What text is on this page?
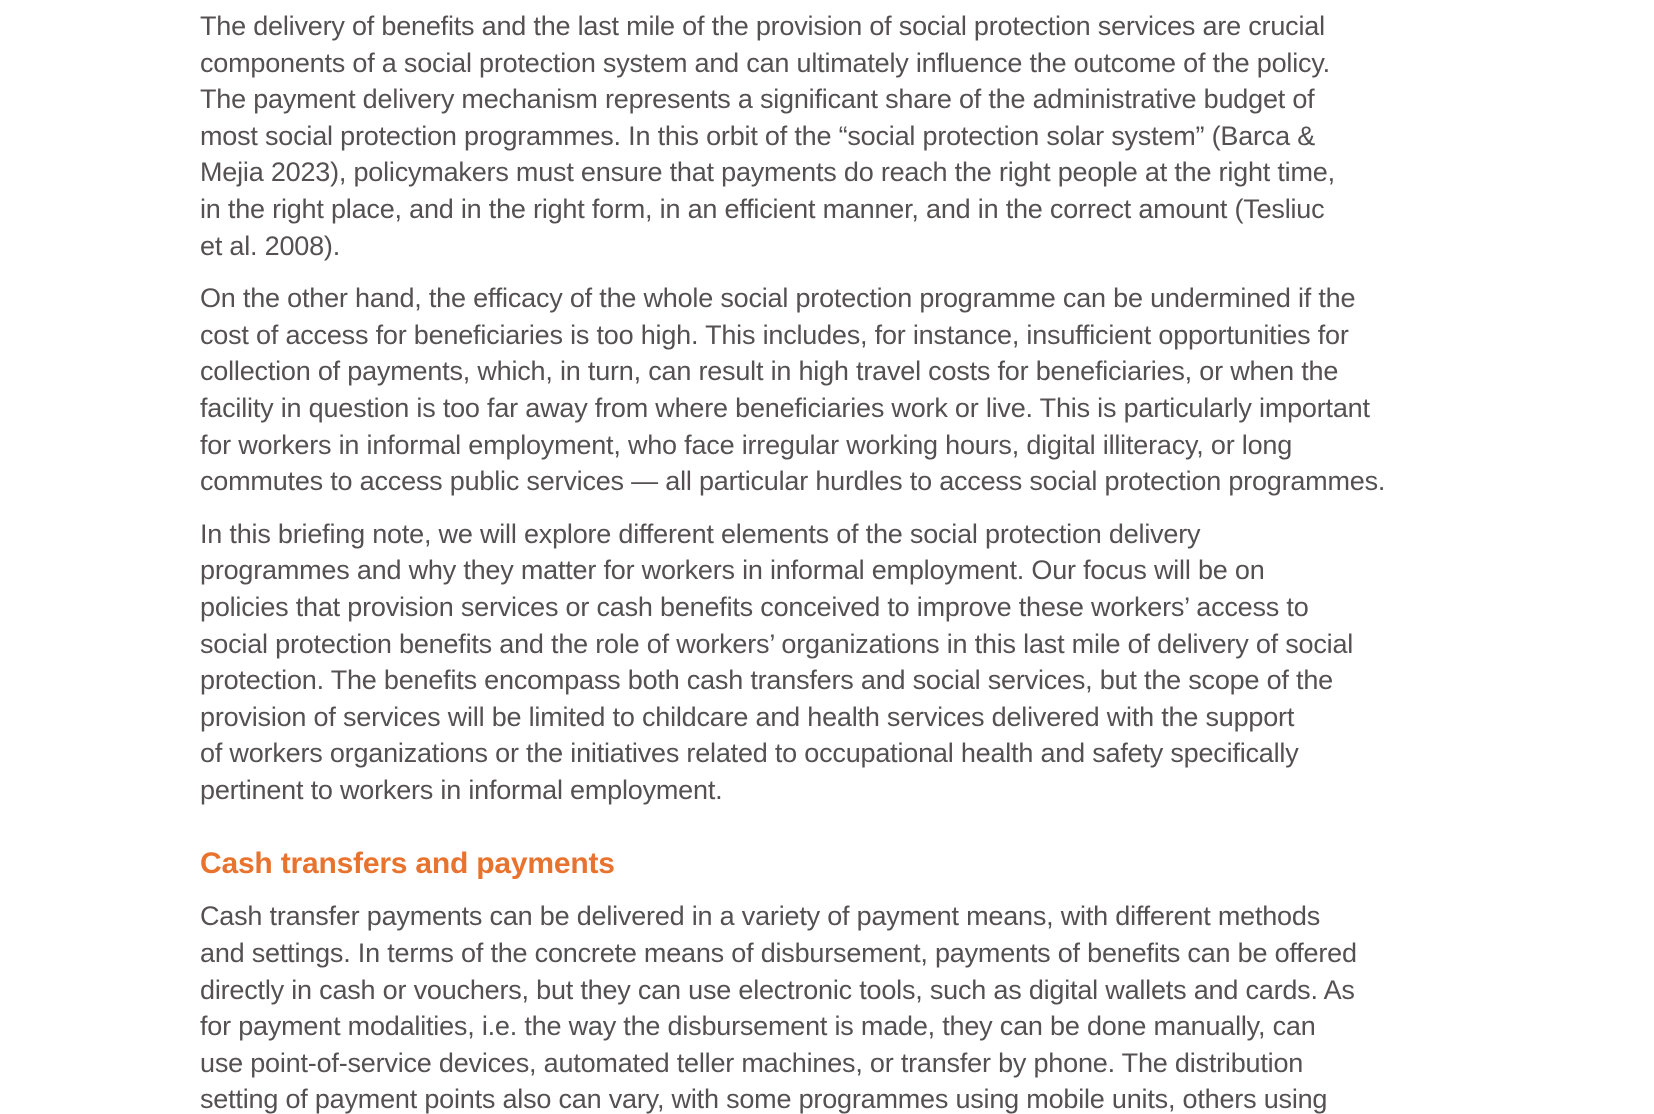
The delivery of benefits and the last mile of the provision of social protection services are crucial
components of a social protection system and can ultimately influence the outcome of the policy.
The payment delivery mechanism represents a significant share of the administrative budget of
most social protection programmes. In this orbit of the “social protection solar system” (Barca &
Mejia 2023), policymakers must ensure that payments do reach the right people at the right time,
in the right place, and in the right form, in an efficient manner, and in the correct amount (Tesliuc
et al. 2008).

On the other hand, the efficacy of the whole social protection programme can be undermined if the
cost of access for beneficiaries is too high. This includes, for instance, insufficient opportunities for
collection of payments, which, in turn, can result in high travel costs for beneficiaries, or when the
facility in question is too far away from where beneficiaries work or live. This is particularly important
for workers in informal employment, who face irregular working hours, digital illiteracy, or long
commutes to access public services — all particular hurdles to access social protection programmes.

In this briefing note, we will explore different elements of the social protection delivery
programmes and why they matter for workers in informal employment. Our focus will be on
policies that provision services or cash benefits conceived to improve these workers’ access to
social protection benefits and the role of workers’ organizations in this last mile of delivery of social
protection. The benefits encompass both cash transfers and social services, but the scope of the
provision of services will be limited to childcare and health services delivered with the support
of workers organizations or the initiatives related to occupational health and safety specifically
pertinent to workers in informal employment.

Cash transfers and payments

Cash transfer payments can be delivered in a variety of payment means, with different methods
and settings. In terms of the concrete means of disbursement, payments of benefits can be offered
directly in cash or vouchers, but they can use electronic tools, such as digital wallets and cards. As
for payment modalities, i.e. the way the disbursement is made, they can be done manually, can
use point-of-service devices, automated teller machines, or transfer by phone. The distribution
setting of payment points also can vary, with some programmes using mobile units, others using
